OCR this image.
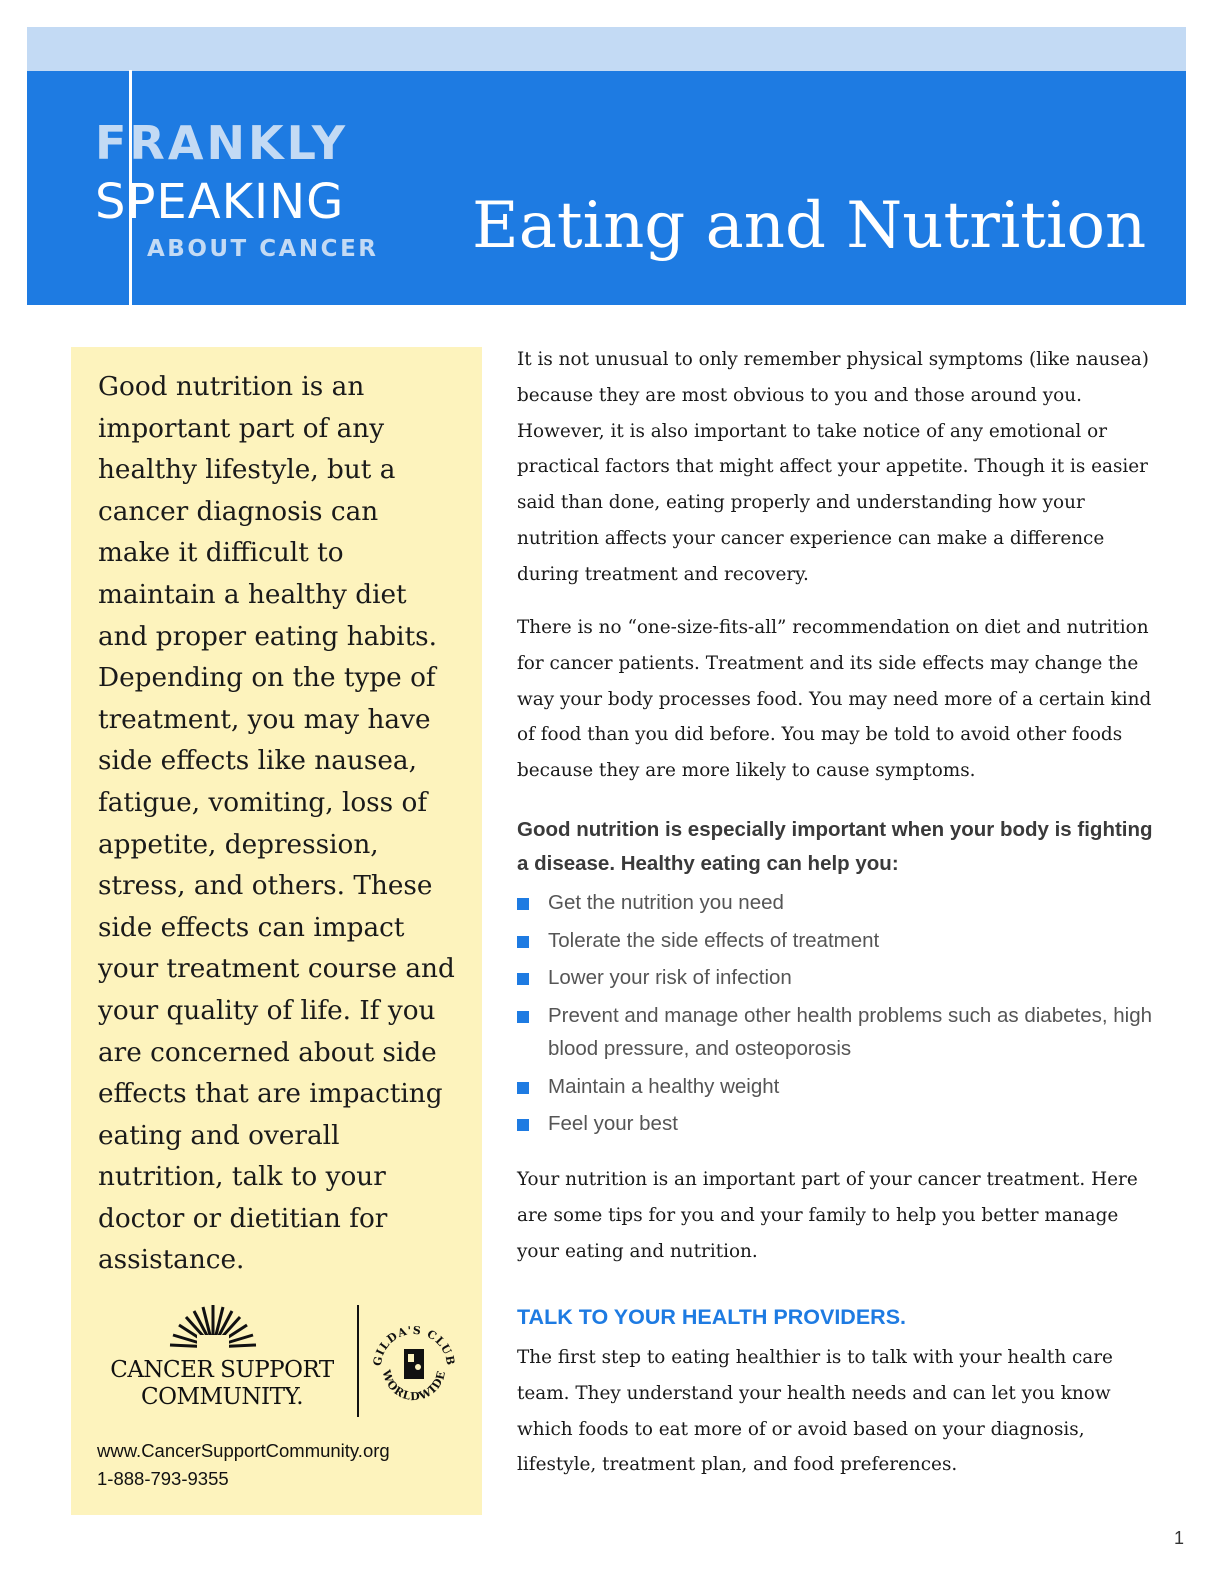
FRANKLY
SPEAKING
ABOUT CANCER Eating and Nutrition

Good nutrition is an important part of any healthy lifestyle, but a cancer diagnosis can make it difficult to maintain a healthy diet and proper eating habits. Depending on the type of treatment, you may have side effects like nausea, fatigue, vomiting, loss of appetite, depression, stress, and others. These side effects can impact your treatment course and your quality of life. If you are concerned about side effects that are impacting eating and overall nutrition, talk to your doctor or dietitian for assistance.

CANCER SUPPORT
COMMUNITY.
GILDA'S CLUB
WORLDWIDE
www.CancerSupportCommunity.org
1-888-793-9355

It is not unusual to only remember physical symptoms (like nausea) because they are most obvious to you and those around you. However, it is also important to take notice of any emotional or practical factors that might affect your appetite. Though it is easier said than done, eating properly and understanding how your nutrition affects your cancer experience can make a difference during treatment and recovery.

There is no “one-size-fits-all” recommendation on diet and nutrition for cancer patients. Treatment and its side effects may change the way your body processes food. You may need more of a certain kind of food than you did before. You may be told to avoid other foods because they are more likely to cause symptoms.

Good nutrition is especially important when your body is fighting a disease. Healthy eating can help you:

Get the nutrition you need
Tolerate the side effects of treatment
Lower your risk of infection
Prevent and manage other health problems such as diabetes, high blood pressure, and osteoporosis
Maintain a healthy weight
Feel your best

Your nutrition is an important part of your cancer treatment. Here are some tips for you and your family to help you better manage your eating and nutrition.

TALK TO YOUR HEALTH PROVIDERS.

The first step to eating healthier is to talk with your health care team. They understand your health needs and can let you know which foods to eat more of or avoid based on your diagnosis, lifestyle, treatment plan, and food preferences.

1
